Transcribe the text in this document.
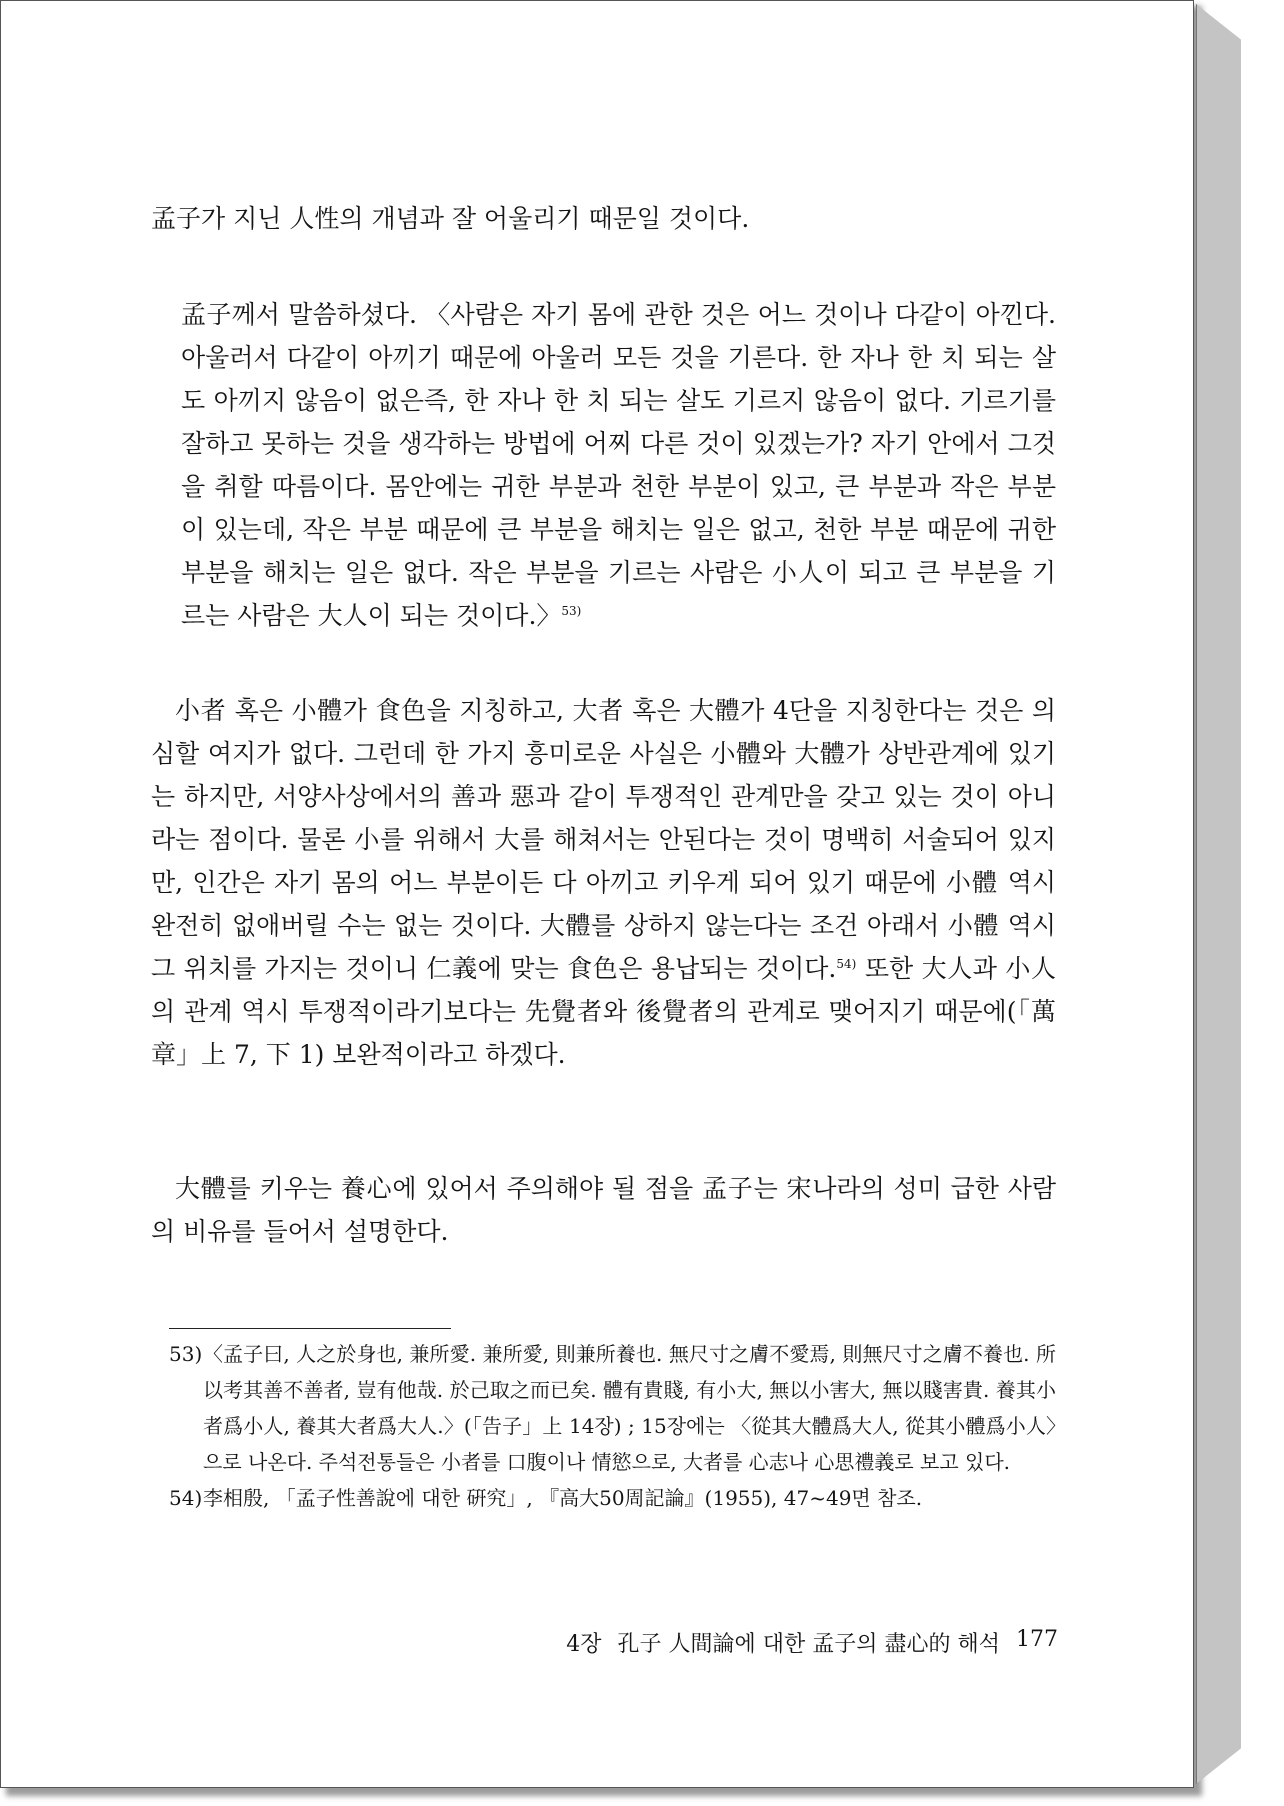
孟子가 지닌 人性의 개념과 잘 어울리기 때문일 것이다.
孟子께서 말씀하셨다. 〈사람은 자기 몸에 관한 것은 어느 것이나 다같이 아낀다. 아울러서 다같이 아끼기 때문에 아울러 모든 것을 기른다. 한 자나 한 치 되는 살도 아끼지 않음이 없은즉, 한 자나 한 치 되는 살도 기르지 않음이 없다. 기르기를 잘하고 못하는 것을 생각하는 방법에 어찌 다른 것이 있겠는가? 자기 안에서 그것을 취할 따름이다. 몸안에는 귀한 부분과 천한 부분이 있고, 큰 부분과 작은 부분이 있는데, 작은 부분 때문에 큰 부분을 해치는 일은 없고, 천한 부분 때문에 귀한 부분을 해치는 일은 없다. 작은 부분을 기르는 사람은 小人이 되고 큰 부분을 기르는 사람은 大人이 되는 것이다.〉$^{53)}$
小者 혹은 小體가 食色을 지칭하고, 大者 혹은 大體가 4단을 지칭한다는 것은 의심할 여지가 없다. 그런데 한 가지 흥미로운 사실은 小體와 大體가 상반관계에 있기는 하지만, 서양사상에서의 善과 惡과 같이 투쟁적인 관계만을 갖고 있는 것이 아니라는 점이다. 물론 小를 위해서 大를 해쳐서는 안된다는 것이 명백히 서술되어 있지만, 인간은 자기 몸의 어느 부분이든 다 아끼고 키우게 되어 있기 때문에 小體 역시 완전히 없애버릴 수는 없는 것이다. 大體를 상하지 않는다는 조건 아래서 小體 역시 그 위치를 가지는 것이니 仁義에 맞는 食色은 용납되는 것이다.$^{54)}$ 또한 大人과 小人의 관계 역시 투쟁적이라기보다는 先覺者와 後覺者의 관계로 맺어지기 때문에(「萬章」上 7, 下 1) 보완적이라고 하겠다.
大體를 키우는 養心에 있어서 주의해야 될 점을 孟子는 宋나라의 성미 급한 사람의 비유를 들어서 설명한다.
53) 〈孟子曰, 人之於身也, 兼所愛. 兼所愛, 則兼所養也. 無尺寸之膚不愛焉, 則無尺寸之膚不養也. 所以考其善不善者, 豈有他哉. 於己取之而已矣. 體有貴賤, 有小大, 無以小害大, 無以賤害貴. 養其小者爲小人, 養其大者爲大人.〉(「告子」上 14장) ; 15장에는 〈從其大體爲大人, 從其小體爲小人〉으로 나온다. 주석전통들은 小者를 口腹이나 情慾으로, 大者를 心志나 心思禮義로 보고 있다.
54) 李相殷, 「孟子性善說에 대한 硏究」, 『高大50周記論』(1955), 47~49면 참조.
4장 孔子 人間論에 대한 孟子의 盡心的 해석 177
